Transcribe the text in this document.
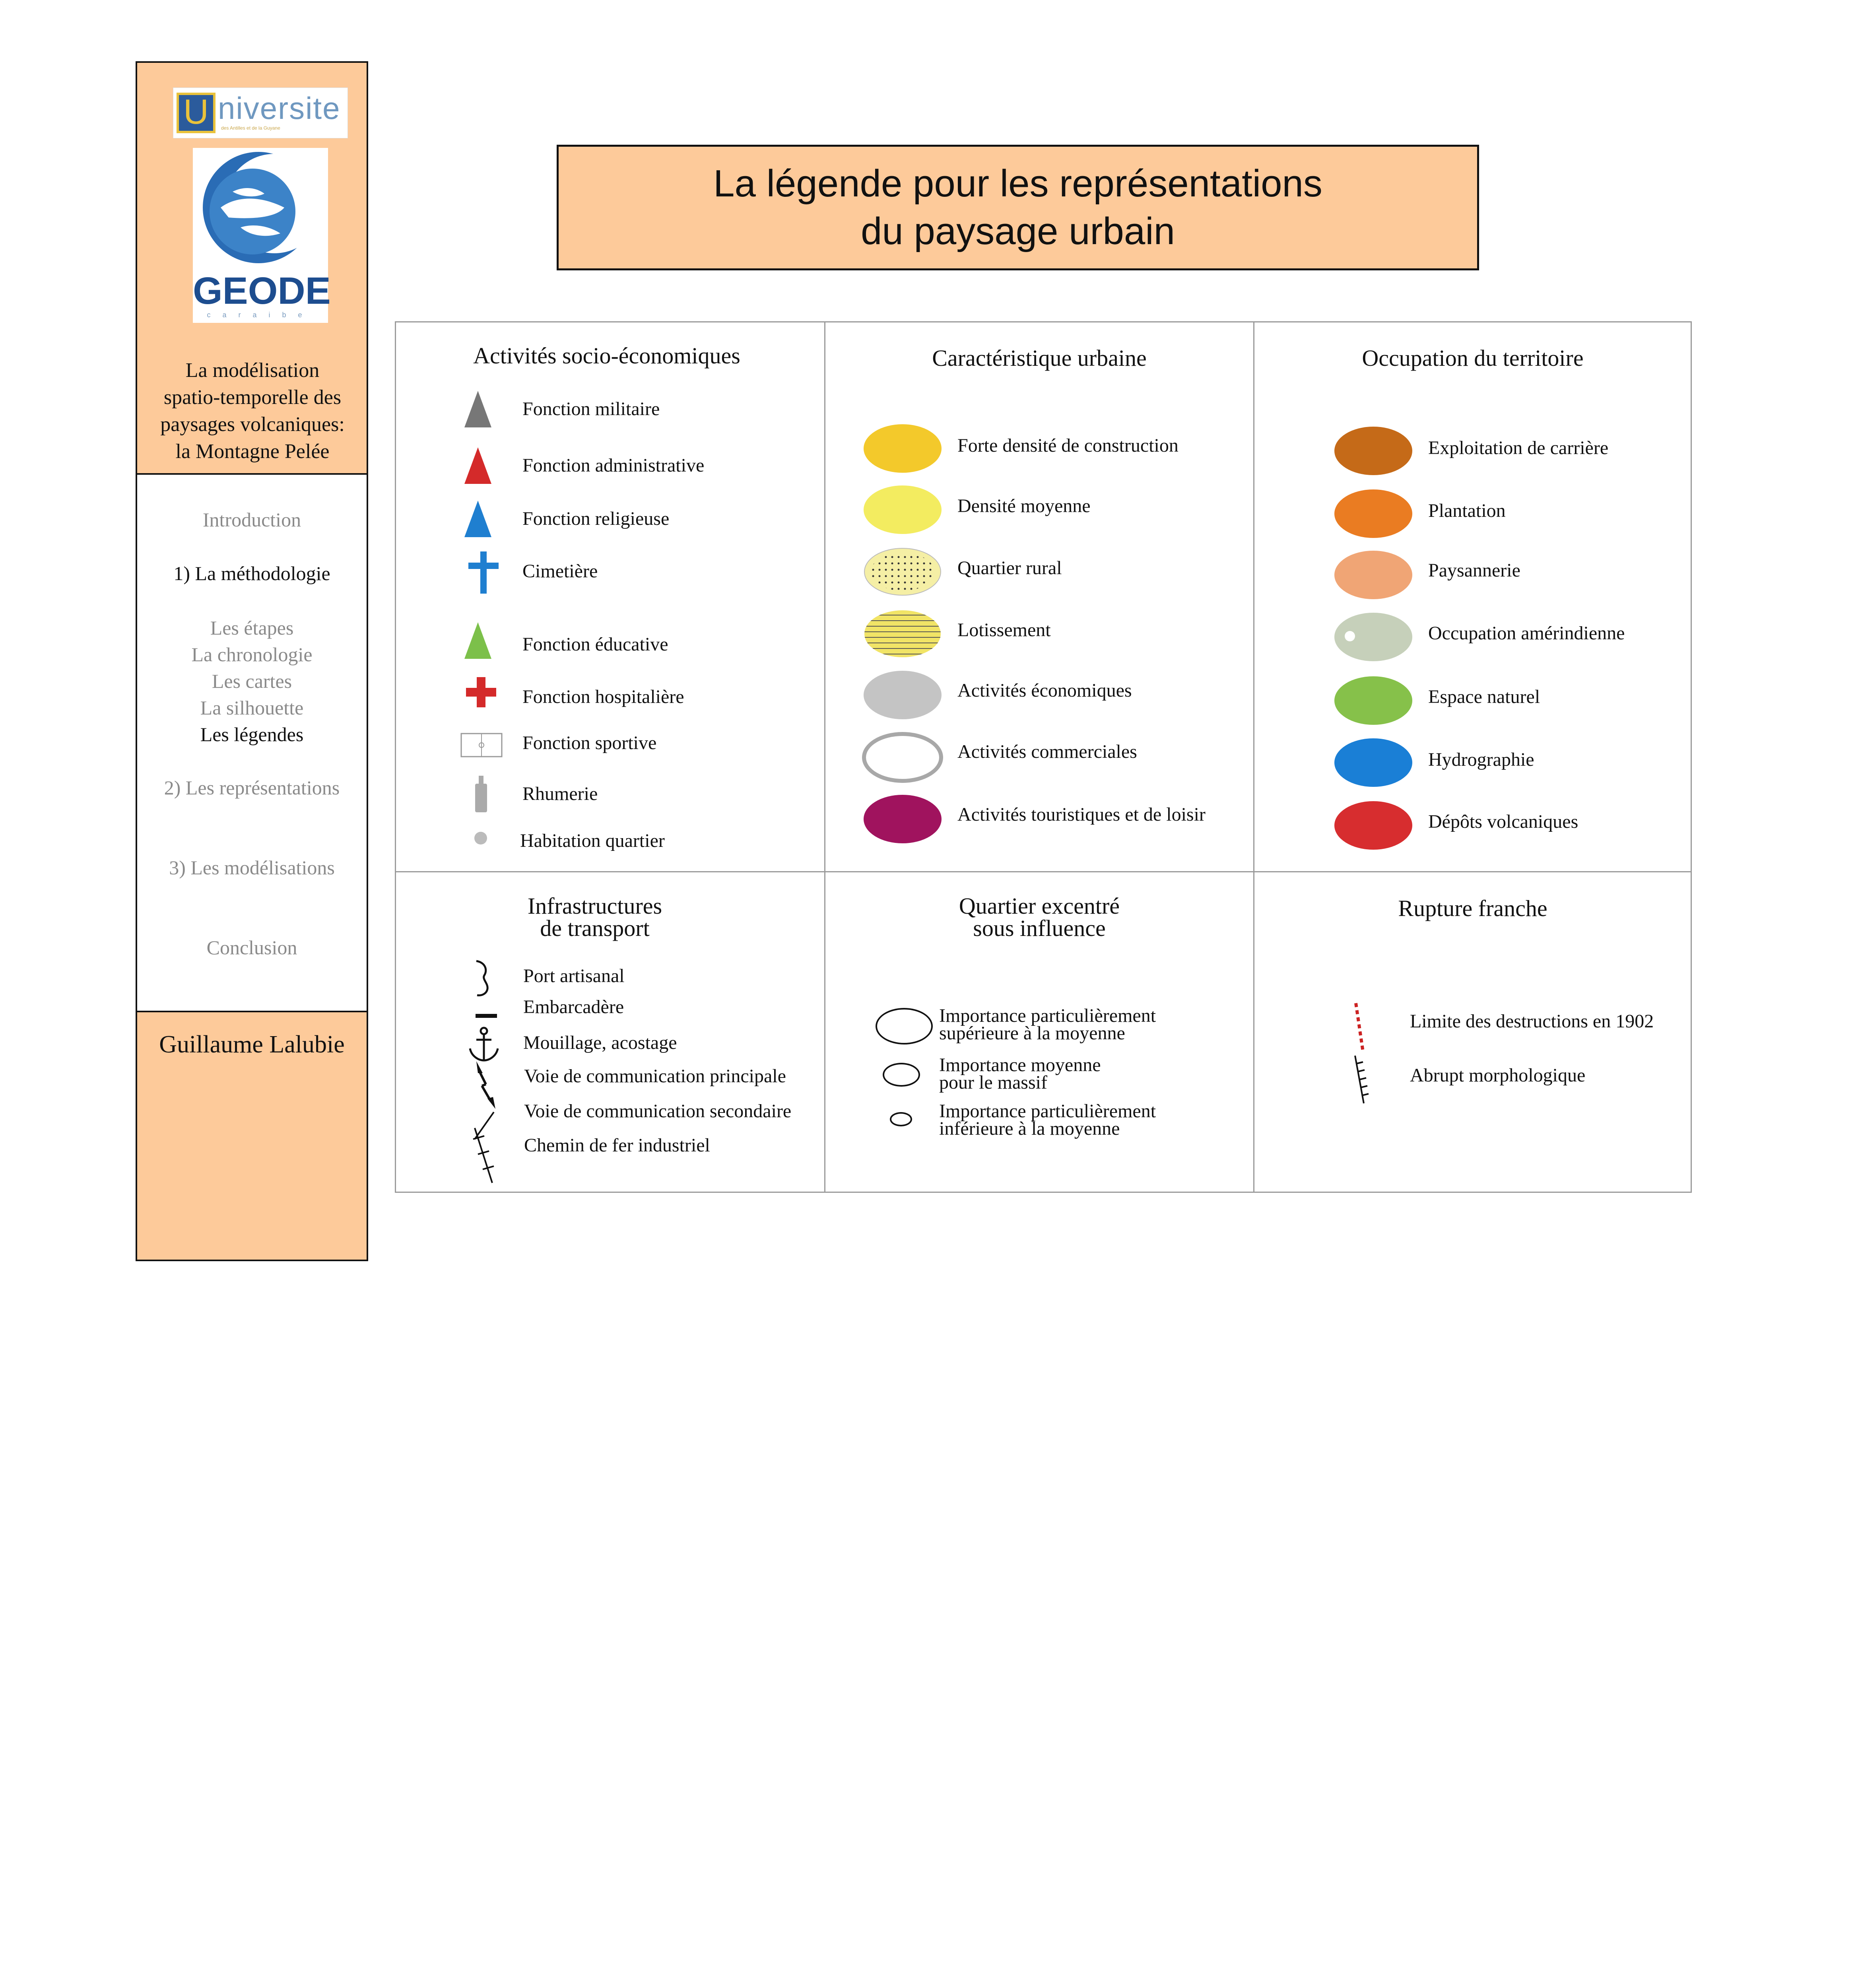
U niversite
des Antilles et de la Guyane
GEODE
caraibe
La modélisation
spatio-temporelle des
paysages volcaniques:
la Montagne Pelée
Introduction
1) La méthodologie
Les étapes
La chronologie
Les cartes
La silhouette
Les légendes
2) Les représentations
3) Les modélisations
Conclusion
Guillaume Lalubie
La légende pour les représentations
du paysage urbain
Activités socio-économiques
Fonction militaire
Fonction administrative
Fonction religieuse
Cimetière
Fonction éducative
Fonction hospitalière
Fonction sportive
Rhumerie
Habitation quartier
Caractéristique urbaine
Forte densité de construction
Densité moyenne
Quartier rural
Lotissement
Activités économiques
Activités commerciales
Activités touristiques et de loisir
Occupation du territoire
Exploitation de carrière
Plantation
Paysannerie
Occupation amérindienne
Espace naturel
Hydrographie
Dépôts volcaniques
Infrastructures
de transport
Port artisanal
Embarcadère
Mouillage, acostage
Voie de communication principale
Voie de communication secondaire
Chemin de fer industriel
Quartier excentré
sous influence
Importance particulièrement
supérieure à la moyenne
Importance moyenne
pour le massif
Importance particulièrement
inférieure à la moyenne
Rupture franche
Limite des destructions en 1902
Abrupt morphologique
